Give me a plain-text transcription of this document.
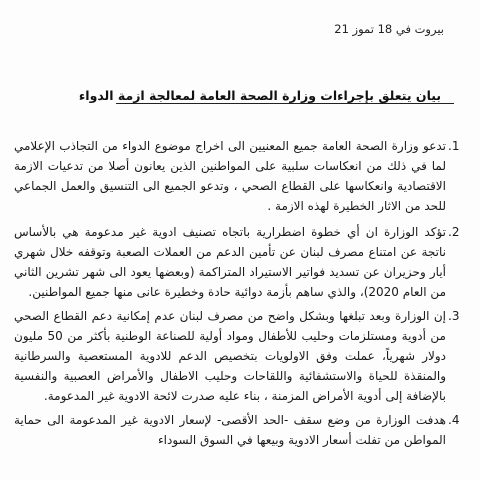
بيروت في 18 تموز 21
بيان يتعلق بإجراءات وزارة الصحة العامة لمعالجة ازمة الدواء
1.
تدعو وزارة الصحة العامة جميع المعنيين الى اخراج موضوع الدواء من التجاذب الإعلامي لما في ذلك من انعكاسات سلبية على المواطنين الذين يعانون أصلا من تدعيات الازمة الاقتصادية وانعكاسها على القطاع الصحي ، وتدعو الجميع الى التنسيق والعمل الجماعي للحد من الاثار الخطيرة لهذه الازمة .
2.
تؤكد الوزارة ان أي خطوة اضطرارية باتجاه تصنيف ادوية غير مدعومة هي بالأساس ناتجة عن امتناع مصرف لبنان عن تأمين الدعم من العملات الصعبة وتوقفه خلال شهري أيار وحزيران عن تسديد فواتير الاستيراد المتراكمة (وبعضها يعود الى شهر تشرين الثاني من العام 2020)، والذي ساهم بأزمة دوائية حادة وخطيرة عانى منها جميع المواطنين.
3.
إن الوزارة وبعد تبلغها وبشكل واضح من مصرف لبنان عدم إمكانية دعم القطاع الصحي من أدوية ومستلزمات وحليب للأطفال ومواد أولية للصناعة الوطنية بأكثر من 50 مليون دولار شهرياً، عملت وفق الاولويات بتخصيص الدعم للادوية المستعصية والسرطانية والمنقذة للحياة والاستشفائية واللقاحات وحليب الاطفال والأمراض العصبية والنفسية بالإضافة إلى أدوية الأمراض المزمنة ، بناء عليه صدرت لائحة الادوية غير المدعومة.
4.
هدفت الوزارة من وضع سقف -الحد الأقصى- لإسعار الادوية غير المدعومة الى حماية المواطن من تفلت أسعار الادوية وبيعها في السوق السوداء
